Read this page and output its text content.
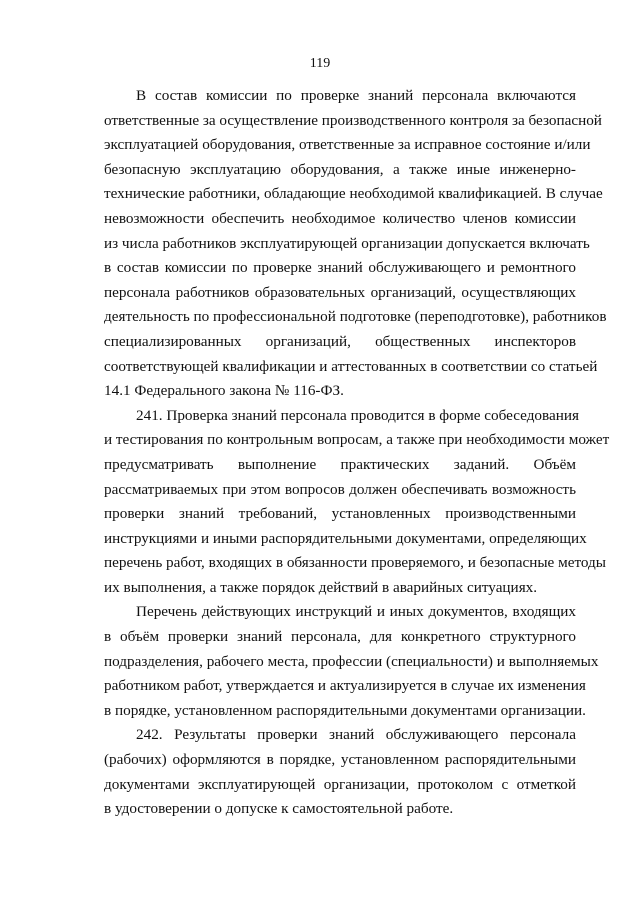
119
В состав комиссии по проверке знаний персонала включаются
ответственные за осуществление производственного контроля за безопасной
эксплуатацией оборудования, ответственные за исправное состояние и/или
безопасную эксплуатацию оборудования, а также иные инженерно-
технические работники, обладающие необходимой квалификацией. В случае
невозможности обеспечить необходимое количество членов комиссии
из числа работников эксплуатирующей организации допускается включать
в состав комиссии по проверке знаний обслуживающего и ремонтного
персонала работников образовательных организаций, осуществляющих
деятельность по профессиональной подготовке (переподготовке), работников
специализированных организаций, общественных инспекторов
соответствующей квалификации и аттестованных в соответствии со статьей
14.1 Федерального закона № 116-ФЗ.
241. Проверка знаний персонала проводится в форме собеседования
и тестирования по контрольным вопросам, а также при необходимости может
предусматривать выполнение практических заданий. Объём
рассматриваемых при этом вопросов должен обеспечивать возможность
проверки знаний требований, установленных производственными
инструкциями и иными распорядительными документами, определяющих
перечень работ, входящих в обязанности проверяемого, и безопасные методы
их выполнения, а также порядок действий в аварийных ситуациях.
Перечень действующих инструкций и иных документов, входящих
в объём проверки знаний персонала, для конкретного структурного
подразделения, рабочего места, профессии (специальности) и выполняемых
работником работ, утверждается и актуализируется в случае их изменения
в порядке, установленном распорядительными документами организации.
242. Результаты проверки знаний обслуживающего персонала
(рабочих) оформляются в порядке, установленном распорядительными
документами эксплуатирующей организации, протоколом с отметкой
в удостоверении о допуске к самостоятельной работе.
